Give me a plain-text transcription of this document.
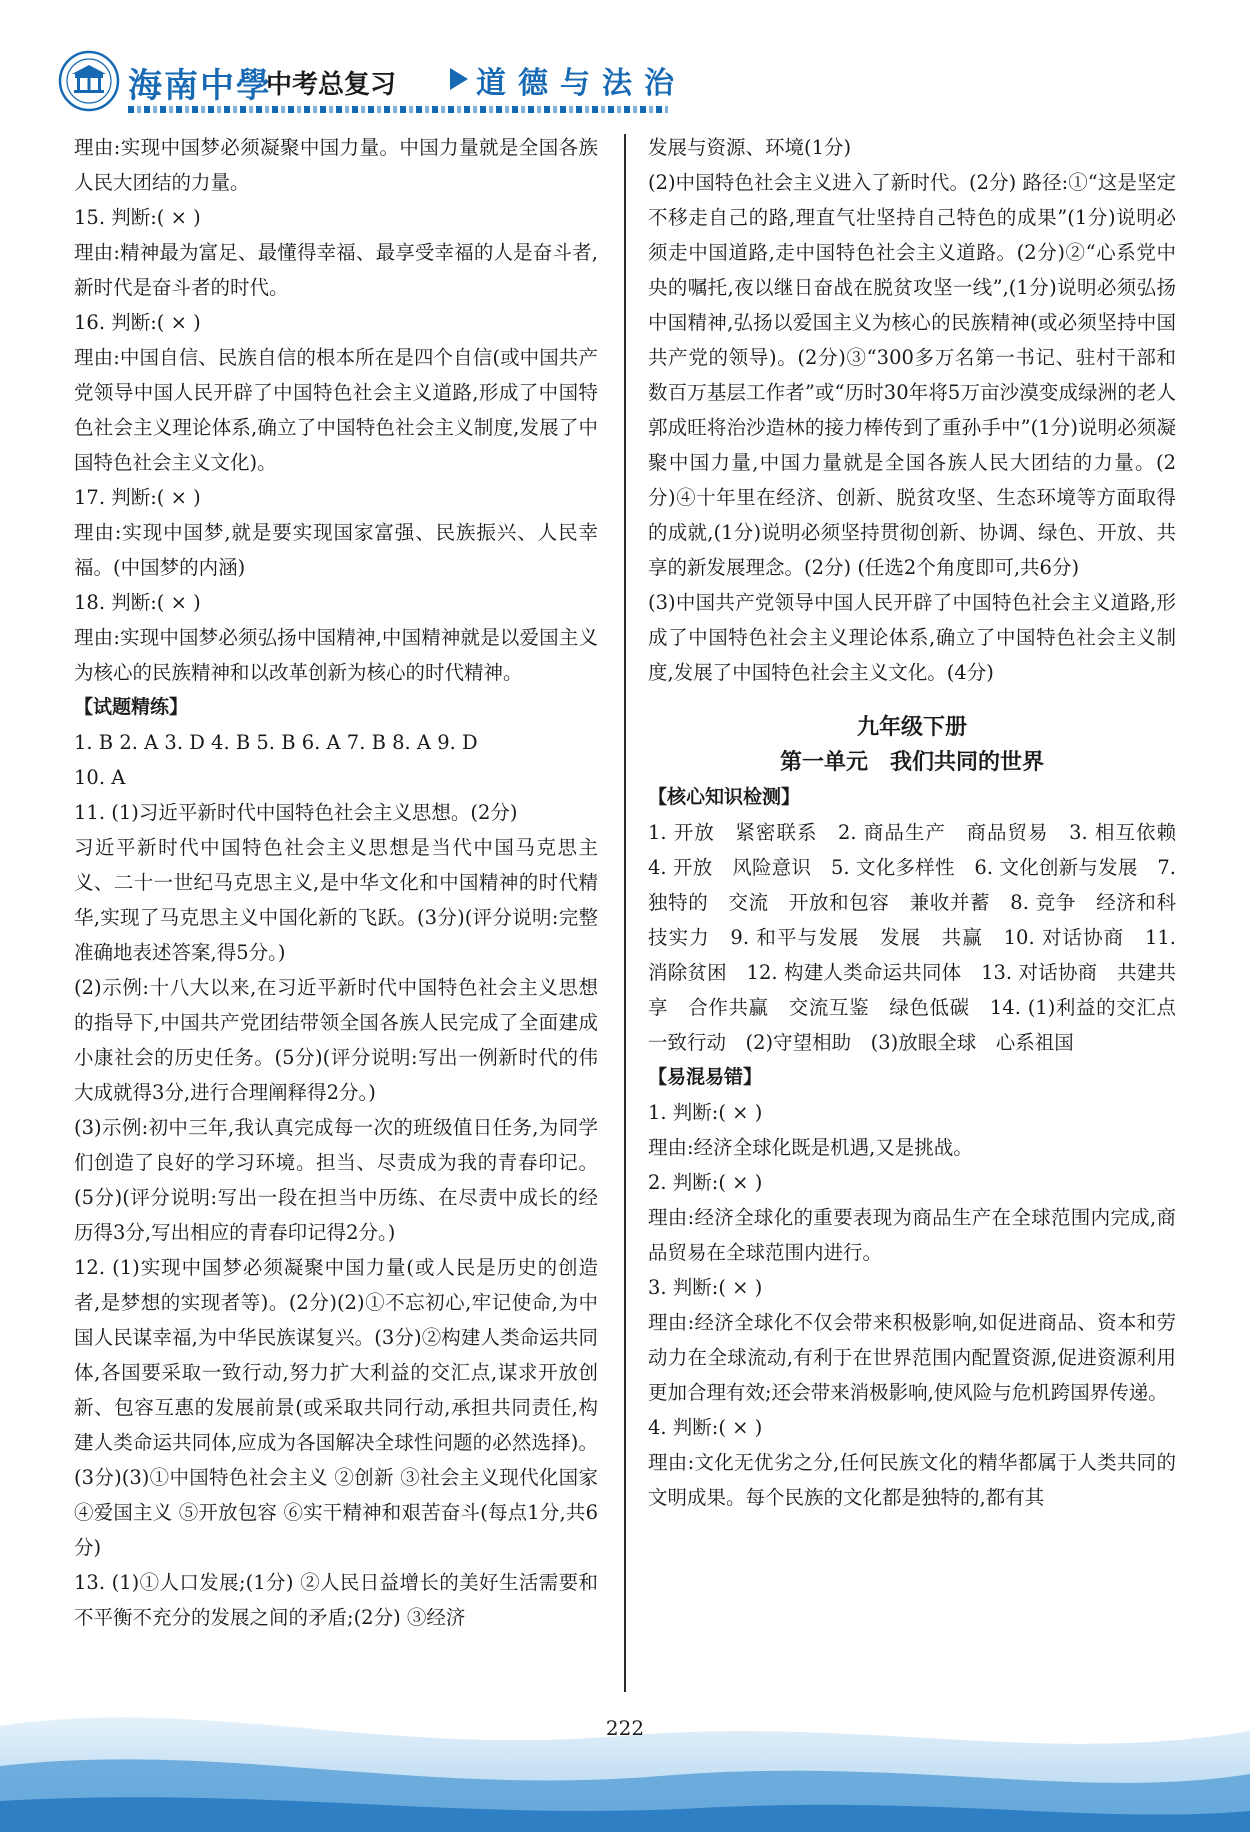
海南中學
中考总复习	道德与法治

理由:实现中国梦必须凝聚中国力量。中国力量就是全国各族人民大团结的力量。

15. 判断:( × )

理由:精神最为富足、最懂得幸福、最享受幸福的人是奋斗者,新时代是奋斗者的时代。

16. 判断:( × )

理由:中国自信、民族自信的根本所在是四个自信(或中国共产党领导中国人民开辟了中国特色社会主义道路,形成了中国特色社会主义理论体系,确立了中国特色社会主义制度,发展了中国特色社会主义文化)。

17. 判断:( × )

理由:实现中国梦,就是要实现国家富强、民族振兴、人民幸福。(中国梦的内涵)

18. 判断:( × )

理由:实现中国梦必须弘扬中国精神,中国精神就是以爱国主义为核心的民族精神和以改革创新为核心的时代精神。

【试题精练】

1. B 2. A 3. D 4. B 5. B 6. A 7. B 8. A 9. D

10. A

11. (1)习近平新时代中国特色社会主义思想。(2分)

习近平新时代中国特色社会主义思想是当代中国马克思主义、二十一世纪马克思主义,是中华文化和中国精神的时代精华,实现了马克思主义中国化新的飞跃。(3分)(评分说明:完整准确地表述答案,得5分。)

(2)示例:十八大以来,在习近平新时代中国特色社会主义思想的指导下,中国共产党团结带领全国各族人民完成了全面建成小康社会的历史任务。(5分)(评分说明:写出一例新时代的伟大成就得3分,进行合理阐释得2分。)

(3)示例:初中三年,我认真完成每一次的班级值日任务,为同学们创造了良好的学习环境。担当、尽责成为我的青春印记。(5分)(评分说明:写出一段在担当中历练、在尽责中成长的经历得3分,写出相应的青春印记得2分。)

12. (1)实现中国梦必须凝聚中国力量(或人民是历史的创造者,是梦想的实现者等)。(2分)(2)①不忘初心,牢记使命,为中国人民谋幸福,为中华民族谋复兴。(3分)②构建人类命运共同体,各国要采取一致行动,努力扩大利益的交汇点,谋求开放创新、包容互惠的发展前景(或采取共同行动,承担共同责任,构建人类命运共同体,应成为各国解决全球性问题的必然选择)。(3分)(3)①中国特色社会主义 ②创新 ③社会主义现代化国家 ④爱国主义 ⑤开放包容 ⑥实干精神和艰苦奋斗(每点1分,共6分)

13. (1)①人口发展;(1分) ②人民日益增长的美好生活需要和不平衡不充分的发展之间的矛盾;(2分) ③经济

发展与资源、环境(1分)

(2)中国特色社会主义进入了新时代。(2分) 路径:①“这是坚定不移走自己的路,理直气壮坚持自己特色的成果”(1分)说明必须走中国道路,走中国特色社会主义道路。(2分)②“心系党中央的嘱托,夜以继日奋战在脱贫攻坚一线”,(1分)说明必须弘扬中国精神,弘扬以爱国主义为核心的民族精神(或必须坚持中国共产党的领导)。(2分)③“300多万名第一书记、驻村干部和数百万基层工作者”或“历时30年将5万亩沙漠变成绿洲的老人郭成旺将治沙造林的接力棒传到了重孙手中”(1分)说明必须凝聚中国力量,中国力量就是全国各族人民大团结的力量。(2分)④十年里在经济、创新、脱贫攻坚、生态环境等方面取得的成就,(1分)说明必须坚持贯彻创新、协调、绿色、开放、共享的新发展理念。(2分) (任选2个角度即可,共6分)

(3)中国共产党领导中国人民开辟了中国特色社会主义道路,形成了中国特色社会主义理论体系,确立了中国特色社会主义制度,发展了中国特色社会主义文化。(4分)

九年级下册

第一单元　我们共同的世界

【核心知识检测】

1. 开放　紧密联系　2. 商品生产　商品贸易　3. 相互依赖　4. 开放　风险意识　5. 文化多样性　6. 文化创新与发展　7. 独特的　交流　开放和包容　兼收并蓄　8. 竞争　经济和科技实力　9. 和平与发展　发展　共赢　10. 对话协商　11. 消除贫困　12. 构建人类命运共同体　13. 对话协商　共建共享　合作共赢　交流互鉴　绿色低碳　14. (1)利益的交汇点　一致行动　(2)守望相助　(3)放眼全球　心系祖国

【易混易错】

1. 判断:( × )

理由:经济全球化既是机遇,又是挑战。

2. 判断:( × )

理由:经济全球化的重要表现为商品生产在全球范围内完成,商品贸易在全球范围内进行。

3. 判断:( × )

理由:经济全球化不仅会带来积极影响,如促进商品、资本和劳动力在全球流动,有利于在世界范围内配置资源,促进资源利用更加合理有效;还会带来消极影响,使风险与危机跨国界传递。

4. 判断:( × )

理由:文化无优劣之分,任何民族文化的精华都属于人类共同的文明成果。每个民族的文化都是独特的,都有其

222
